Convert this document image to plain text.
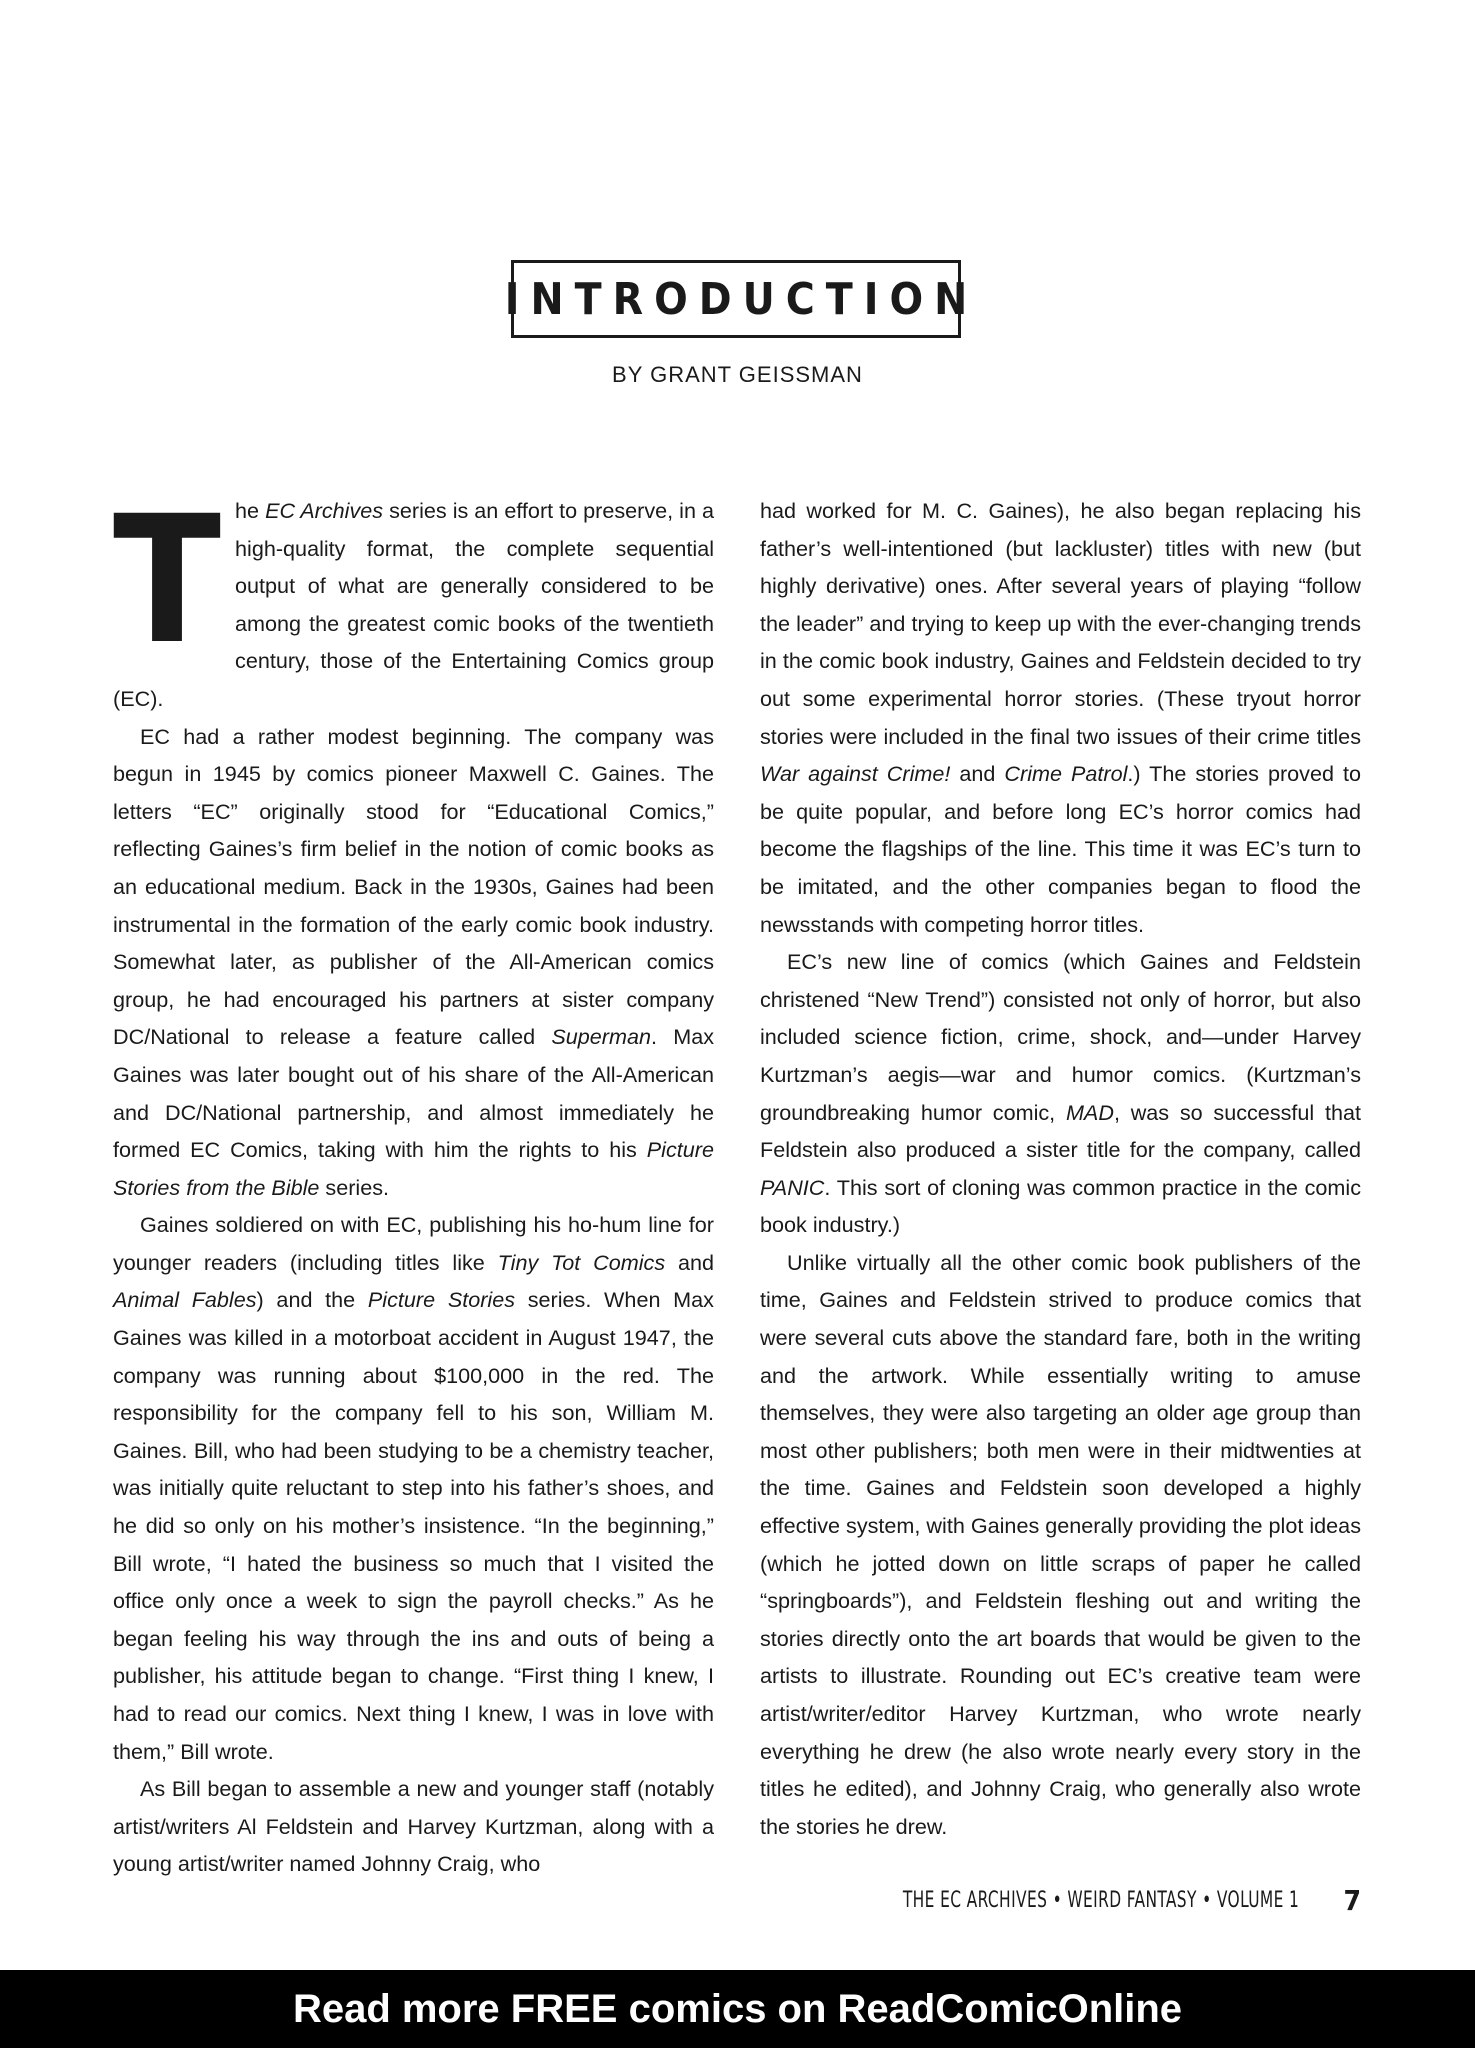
INTRODUCTION
BY GRANT GEISSMAN
T he EC Archives series is an effort to preserve, in a high-quality format, the complete sequential output of what are generally considered to be among the greatest comic books of the twentieth century, those of the Entertaining Comics group (EC).

EC had a rather modest beginning. The company was begun in 1945 by comics pioneer Maxwell C. Gaines. The letters “EC” originally stood for “Educational Comics,” reflecting Gaines’s firm belief in the notion of comic books as an educational medium. Back in the 1930s, Gaines had been instrumental in the formation of the early comic book industry. Somewhat later, as publisher of the All-American comics group, he had encouraged his partners at sister company DC/National to release a feature called Superman. Max Gaines was later bought out of his share of the All-American and DC/National partnership, and almost immediately he formed EC Comics, taking with him the rights to his Picture Stories from the Bible series.

Gaines soldiered on with EC, publishing his ho-hum line for younger readers (including titles like Tiny Tot Comics and Animal Fables) and the Picture Stories series. When Max Gaines was killed in a motorboat accident in August 1947, the company was running about $100,000 in the red. The responsibility for the company fell to his son, William M. Gaines. Bill, who had been studying to be a chemistry teacher, was initially quite reluctant to step into his father’s shoes, and he did so only on his mother’s insistence. “In the beginning,” Bill wrote, “I hated the business so much that I visited the office only once a week to sign the payroll checks.” As he began feeling his way through the ins and outs of being a publisher, his attitude began to change. “First thing I knew, I had to read our comics. Next thing I knew, I was in love with them,” Bill wrote.

As Bill began to assemble a new and younger staff (notably artist/writers Al Feldstein and Harvey Kurtzman, along with a young artist/writer named Johnny Craig, who

had worked for M. C. Gaines), he also began replacing his father’s well-intentioned (but lackluster) titles with new (but highly derivative) ones. After several years of playing “follow the leader” and trying to keep up with the ever-changing trends in the comic book industry, Gaines and Feldstein decided to try out some experimental horror stories. (These tryout horror stories were included in the final two issues of their crime titles War against Crime! and Crime Patrol.) The stories proved to be quite popular, and before long EC’s horror comics had become the flagships of the line. This time it was EC’s turn to be imitated, and the other companies began to flood the newsstands with competing horror titles.

EC’s new line of comics (which Gaines and Feldstein christened “New Trend”) consisted not only of horror, but also included science fiction, crime, shock, and—under Harvey Kurtzman’s aegis—war and humor comics. (Kurtzman’s groundbreaking humor comic, MAD, was so successful that Feldstein also produced a sister title for the company, called PANIC. This sort of cloning was common practice in the comic book industry.)

Unlike virtually all the other comic book publishers of the time, Gaines and Feldstein strived to produce comics that were several cuts above the standard fare, both in the writing and the artwork. While essentially writing to amuse themselves, they were also targeting an older age group than most other publishers; both men were in their midtwenties at the time. Gaines and Feldstein soon developed a highly effective system, with Gaines generally providing the plot ideas (which he jotted down on little scraps of paper he called “springboards”), and Feldstein fleshing out and writing the stories directly onto the art boards that would be given to the artists to illustrate. Rounding out EC’s creative team were artist/writer/editor Harvey Kurtzman, who wrote nearly everything he drew (he also wrote nearly every story in the titles he edited), and Johnny Craig, who generally also wrote the stories he drew.

THE EC ARCHIVES • WEIRD FANTASY • VOLUME 1 7
Read more FREE comics on ReadComicOnline
